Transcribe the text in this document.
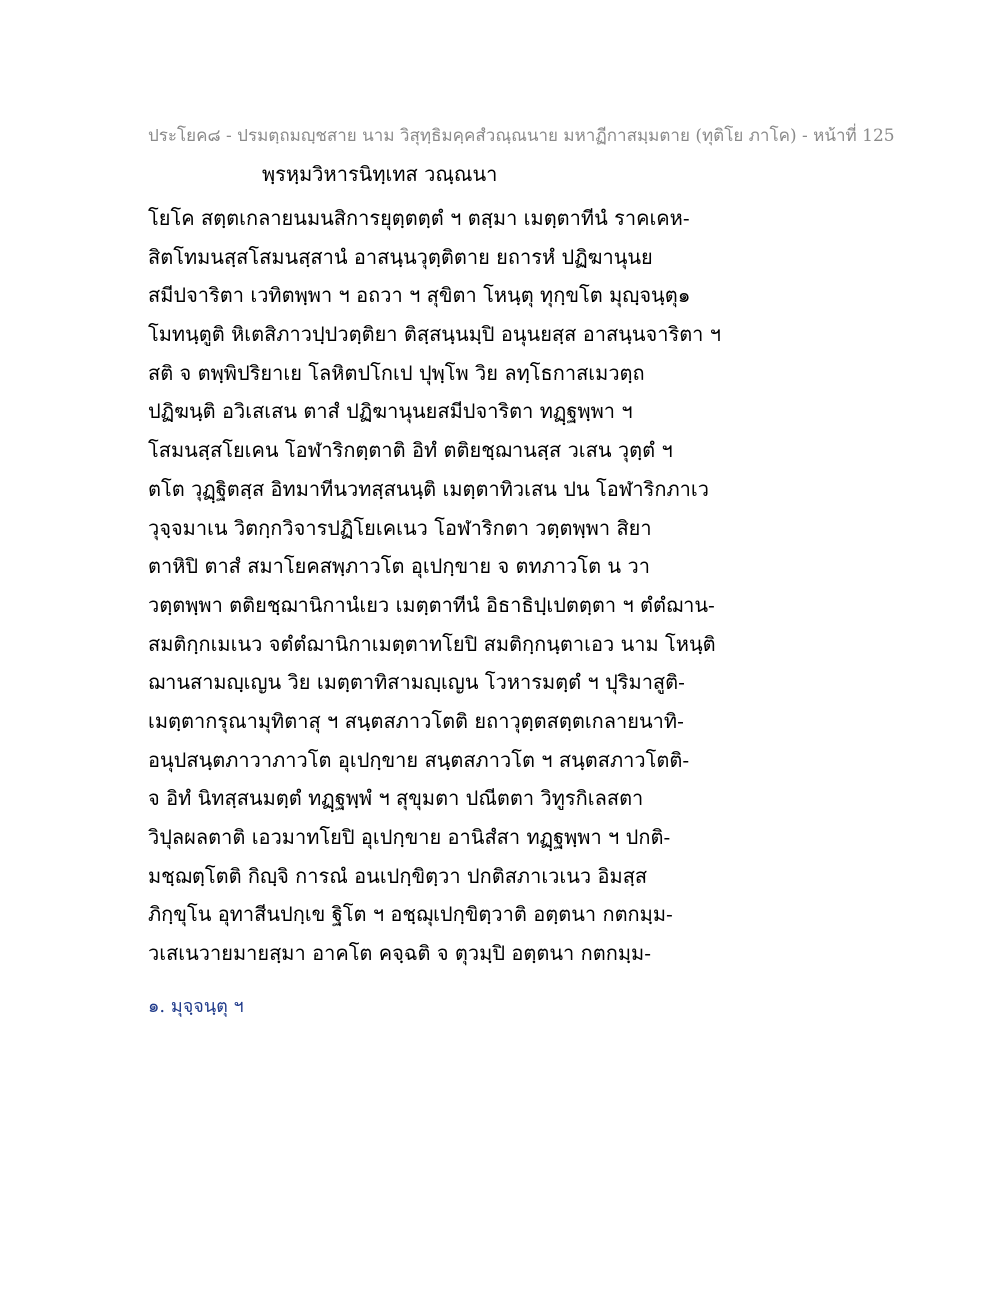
ประโยค๘ - ปรมตฺถมญฺชสาย นาม วิสุทฺธิมคฺคสํวณฺณนาย มหาฏีกาสมฺมตาย (ทุติโย ภาโค) - หน้าที่ 125
พฺรหฺมวิหารนิทฺเทส วณฺณนา
โยโค สตฺตเกลายนมนสิการยุตฺตตฺตํ ฯ ตสฺมา เมตฺตาทีนํ ราคเคห-
สิตโทมนสฺสโสมนสฺสานํ อาสนฺนวุตฺติตาย ยถารหํ ปฏิฆานุนย
สมีปจาริตา เวทิตพฺพา ฯ อถวา ฯ สุขิตา โหนฺตุ ทุกฺขโต มุญฺจนฺตุ๑
โมทนฺตูติ หิเตสิภาวปฺปวตฺติยา ติสฺสนฺนมฺปิ อนุนยสฺส อาสนฺนจาริตา ฯ
สติ จ ตพฺพิปริยาเย โลหิตปโกเป ปุพฺโพ วิย ลทฺโธกาสเมวตฺถ
ปฏิฆนฺติ อวิเสเสน ตาสํ ปฏิฆานุนยสมีปจาริตา ทฏฺฐพฺพา ฯ
โสมนสฺสโยเคน โอฬาริกตฺตาติ อิทํ ตติยชฺฌานสฺส วเสน วุตฺตํ ฯ
ตโต วุฏฺฐิตสฺส อิทมาทีนวทสฺสนนฺติ เมตฺตาทิวเสน ปน โอฬาริกภาเว
วุจฺจมาเน วิตกฺกวิจารปฏิโยเคเนว โอฬาริกตา วตฺตพฺพา สิยา
ตาหิปิ ตาสํ สมาโยคสพฺภาวโต อุเปกฺขาย จ ตทภาวโต น วา
วตฺตพฺพา ตติยชฺฌานิกานํเยว เมตฺตาทีนํ อิธาธิปฺเปตตฺตา ฯ ตํตํฌาน-
สมติกฺกเมเนว จตํตํฌานิกาเมตฺตาทโยปิ สมติกฺกนฺตาเอว นาม โหนฺติ
ฌานสามญฺเญน วิย เมตฺตาทิสามญฺเญน โวหารมตฺตํ ฯ ปุริมาสูติ-
เมตฺตากรุณามุทิตาสุ ฯ สนฺตสภาวโตติ ยถาวุตฺตสตฺตเกลายนาทิ-
อนุปสนฺตภาวาภาวโต อุเปกฺขาย สนฺตสภาวโต ฯ สนฺตสภาวโตติ-
จ อิทํ นิทสฺสนมตฺตํ ทฏฺฐพฺพํ ฯ สุขุมตา ปณีตตา วิทูรกิเลสตา
วิปุลผลตาติ เอวมาทโยปิ อุเปกฺขาย อานิสํสา ทฏฺฐพฺพา ฯ ปกติ-
มชฺฌตฺโตติ กิญฺจิ การณํ อนเปกฺขิตฺวา ปกติสภาเวเนว อิมสฺส
ภิกฺขุโน อุทาสีนปกฺเข ฐิโต ฯ อชฺฌุเปกฺขิตฺวาติ อตฺตนา กตกมฺม-
วเสเนวายมายสฺมา อาคโต คจฺฉติ จ ตุวมฺปิ อตฺตนา กตกมฺม-
๑. มุจฺจนฺตุ ฯ
